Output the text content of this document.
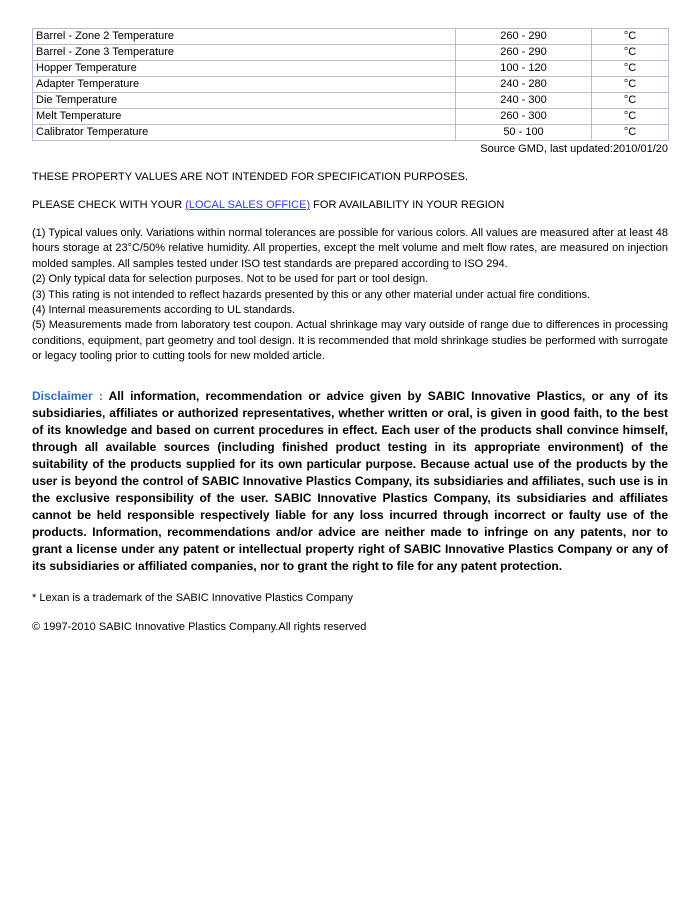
Barrel - Zone 2 Temperature	260 - 290	°C
Barrel - Zone 3 Temperature	260 - 290	°C
Hopper Temperature	100 - 120	°C
Adapter Temperature	240 - 280	°C
Die Temperature	240 - 300	°C
Melt Temperature	260 - 300	°C
Calibrator Temperature	50 - 100	°C
Source GMD, last updated:2010/01/20

THESE PROPERTY VALUES ARE NOT INTENDED FOR SPECIFICATION PURPOSES.

PLEASE CHECK WITH YOUR (LOCAL SALES OFFICE) FOR AVAILABILITY IN YOUR REGION

(1) Typical values only. Variations within normal tolerances are possible for various colors. All values are measured after at least 48 hours storage at 23°C/50% relative humidity. All properties, except the melt volume and melt flow rates, are measured on injection molded samples. All samples tested under ISO test standards are prepared according to ISO 294.
(2) Only typical data for selection purposes. Not to be used for part or tool design.
(3) This rating is not intended to reflect hazards presented by this or any other material under actual fire conditions.
(4) Internal measurements according to UL standards.
(5) Measurements made from laboratory test coupon. Actual shrinkage may vary outside of range due to differences in processing conditions, equipment, part geometry and tool design. It is recommended that mold shrinkage studies be performed with surrogate or legacy tooling prior to cutting tools for new molded article.

Disclaimer : All information, recommendation or advice given by SABIC Innovative Plastics, or any of its subsidiaries, affiliates or authorized representatives, whether written or oral, is given in good faith, to the best of its knowledge and based on current procedures in effect. Each user of the products shall convince himself, through all available sources (including finished product testing in its appropriate environment) of the suitability of the products supplied for its own particular purpose. Because actual use of the products by the user is beyond the control of SABIC Innovative Plastics Company, its subsidiaries and affiliates, such use is in the exclusive responsibility of the user. SABIC Innovative Plastics Company, its subsidiaries and affiliates cannot be held responsible respectively liable for any loss incurred through incorrect or faulty use of the products. Information, recommendations and/or advice are neither made to infringe on any patents, nor to grant a license under any patent or intellectual property right of SABIC Innovative Plastics Company or any of its subsidiaries or affiliated companies, nor to grant the right to file for any patent protection.

* Lexan is a trademark of the SABIC Innovative Plastics Company

© 1997-2010 SABIC Innovative Plastics Company.All rights reserved
